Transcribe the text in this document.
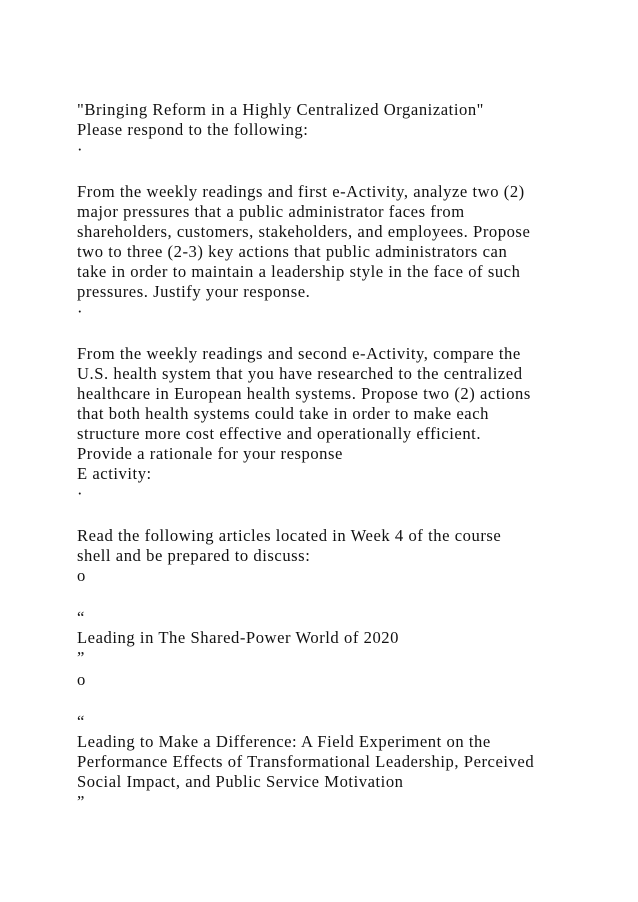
"Bringing Reform in a Highly Centralized Organization"
Please respond to the following:
·
From the weekly readings and first e-Activity, analyze two (2)
major pressures that a public administrator faces from
shareholders, customers, stakeholders, and employees. Propose
two to three (2-3) key actions that public administrators can
take in order to maintain a leadership style in the face of such
pressures. Justify your response.
·
From the weekly readings and second e-Activity, compare the
U.S. health system that you have researched to the centralized
healthcare in European health systems. Propose two (2) actions
that both health systems could take in order to make each
structure more cost effective and operationally efficient.
Provide a rationale for your response
E activity:
·
Read the following articles located in Week 4 of the course
shell and be prepared to discuss:
o
“
Leading in The Shared-Power World of 2020
”
o
“
Leading to Make a Difference: A Field Experiment on the
Performance Effects of Transformational Leadership, Perceived
Social Impact, and Public Service Motivation
”
